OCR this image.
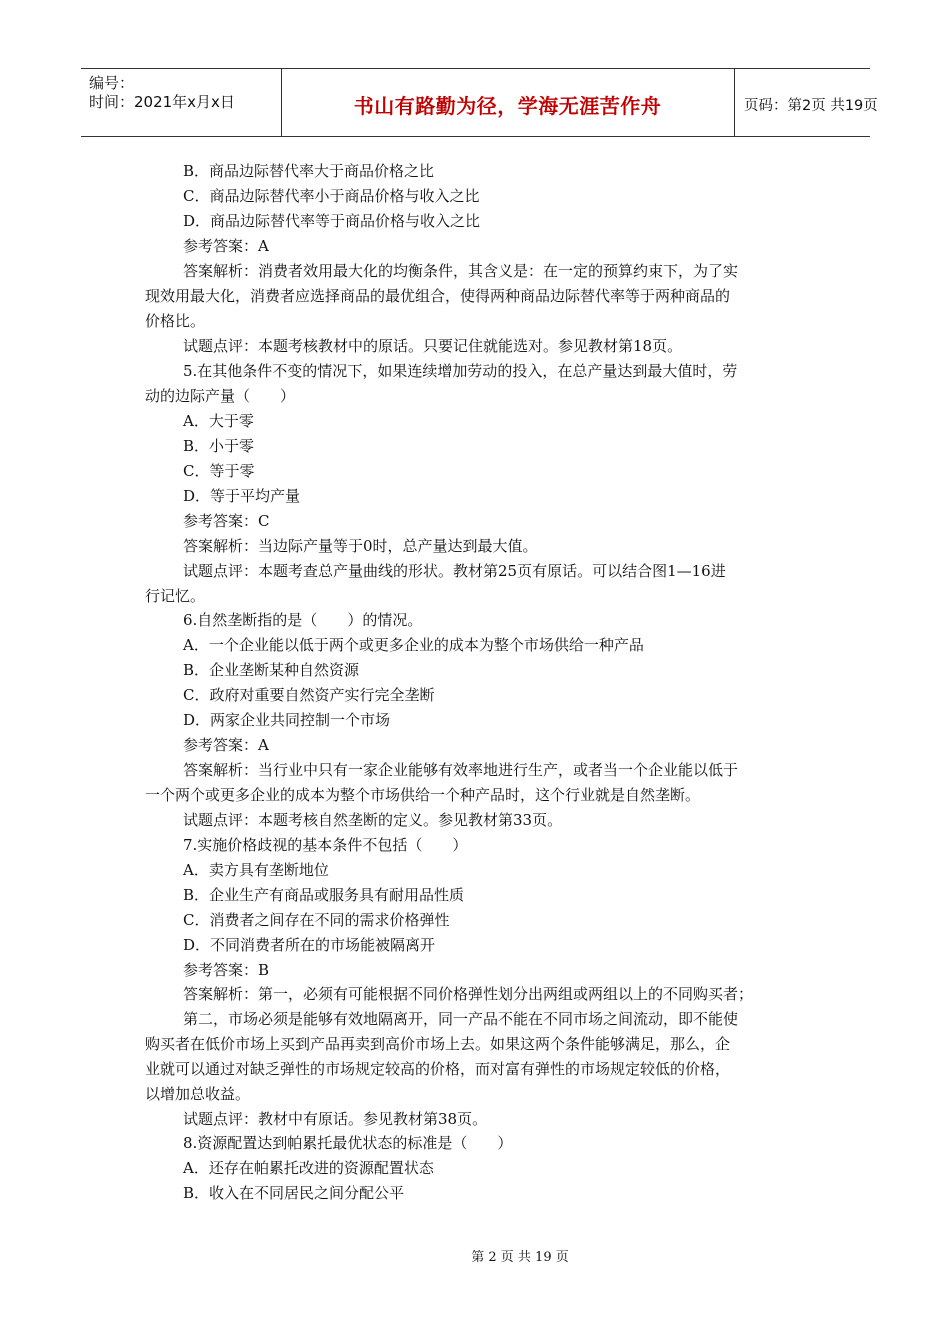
编号：
时间：2021年x月x日	书山有路勤为径，学海无涯苦作舟	页码：第2页 共19页
B．商品边际替代率大于商品价格之比
C．商品边际替代率小于商品价格与收入之比
D．商品边际替代率等于商品价格与收入之比
参考答案：A
答案解析：消费者效用最大化的均衡条件，其含义是：在一定的预算约束下，为了实
现效用最大化，消费者应选择商品的最优组合，使得两种商品边际替代率等于两种商品的
价格比。
试题点评：本题考核教材中的原话。只要记住就能选对。参见教材第18页。
5.在其他条件不变的情况下，如果连续增加劳动的投入，在总产量达到最大值时，劳
动的边际产量（　　）
A．大于零
B．小于零
C．等于零
D．等于平均产量
参考答案：C
答案解析：当边际产量等于0时，总产量达到最大值。
试题点评：本题考查总产量曲线的形状。教材第25页有原话。可以结合图1—16进
行记忆。
6.自然垄断指的是（　　）的情况。
A．一个企业能以低于两个或更多企业的成本为整个市场供给一种产品
B．企业垄断某种自然资源
C．政府对重要自然资产实行完全垄断
D．两家企业共同控制一个市场
参考答案：A
答案解析：当行业中只有一家企业能够有效率地进行生产，或者当一个企业能以低于
一个两个或更多企业的成本为整个市场供给一个种产品时，这个行业就是自然垄断。
试题点评：本题考核自然垄断的定义。参见教材第33页。
7.实施价格歧视的基本条件不包括（　　）
A．卖方具有垄断地位
B．企业生产有商品或服务具有耐用品性质
C．消费者之间存在不同的需求价格弹性
D．不同消费者所在的市场能被隔离开
参考答案：B
答案解析：第一，必须有可能根据不同价格弹性划分出两组或两组以上的不同购买者；
第二，市场必须是能够有效地隔离开，同一产品不能在不同市场之间流动，即不能使
购买者在低价市场上买到产品再卖到高价市场上去。如果这两个条件能够满足，那么，企
业就可以通过对缺乏弹性的市场规定较高的价格，而对富有弹性的市场规定较低的价格，
以增加总收益。
试题点评：教材中有原话。参见教材第38页。
8.资源配置达到帕累托最优状态的标准是（　　）
A．还存在帕累托改进的资源配置状态
B．收入在不同居民之间分配公平
第 2 页 共 19 页
